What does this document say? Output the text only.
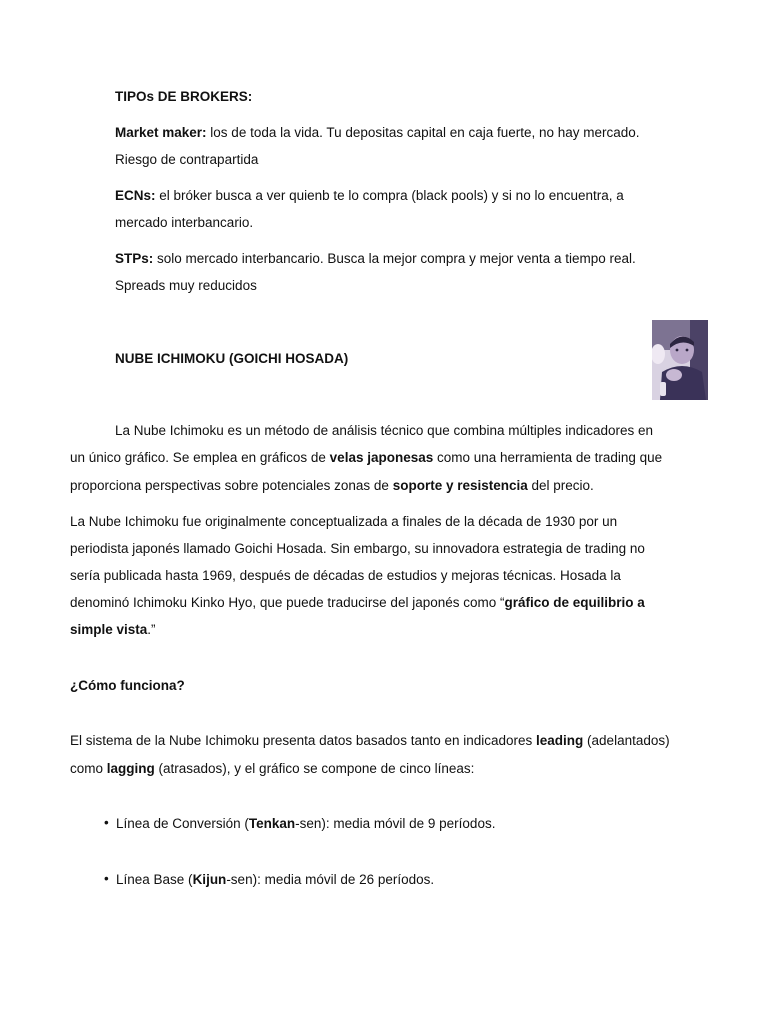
TIPOs DE BROKERS:
Market maker: los de toda la vida. Tu depositas capital en caja fuerte, no hay mercado.
Riesgo de contrapartida
ECNs: el bróker busca a ver quienb te lo compra (black pools) y si no lo encuentra, a
mercado interbancario.
STPs: solo mercado interbancario. Busca la mejor compra y mejor venta a tiempo real.
Spreads muy reducidos
NUBE ICHIMOKU (GOICHI HOSADA)
La Nube Ichimoku es un método de análisis técnico que combina múltiples indicadores en
un único gráfico. Se emplea en gráficos de velas japonesas como una herramienta de trading que
proporciona perspectivas sobre potenciales zonas de soporte y resistencia del precio.
La Nube Ichimoku fue originalmente conceptualizada a finales de la década de 1930 por un
periodista japonés llamado Goichi Hosada. Sin embargo, su innovadora estrategia de trading no
sería publicada hasta 1969, después de décadas de estudios y mejoras técnicas. Hosada la
denominó Ichimoku Kinko Hyo, que puede traducirse del japonés como “gráfico de equilibrio a
simple vista.”
¿Cómo funciona?
El sistema de la Nube Ichimoku presenta datos basados tanto en indicadores leading (adelantados)
como lagging (atrasados), y el gráfico se compone de cinco líneas:
• Línea de Conversión (Tenkan-sen): media móvil de 9 períodos.
• Línea Base (Kijun-sen): media móvil de 26 períodos.
